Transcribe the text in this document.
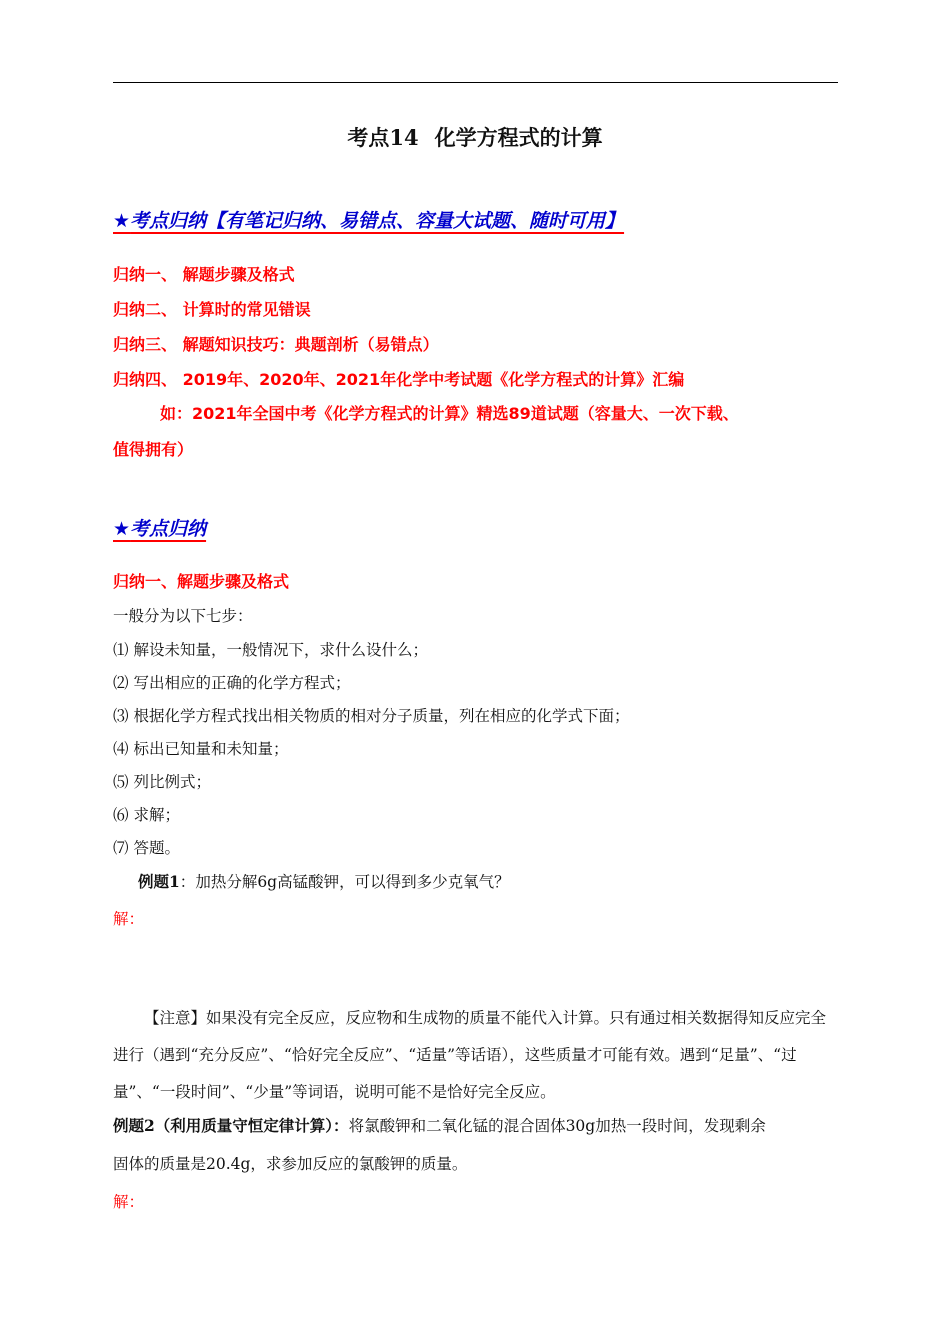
考点14 化学方程式的计算
★考点归纳【有笔记归纳、易错点、容量大试题、随时可用】
归纳一、 解题步骤及格式
归纳二、 计算时的常见错误
归纳三、 解题知识技巧：典题剖析（易错点）
归纳四、 2019年、2020年、2021年化学中考试题《化学方程式的计算》汇编
如：2021年全国中考《化学方程式的计算》精选89道试题（容量大、一次下载、
值得拥有）
★考点归纳
归纳一、解题步骤及格式
一般分为以下七步：
⑴ 解设未知量，一般情况下，求什么设什么；
⑵ 写出相应的正确的化学方程式；
⑶ 根据化学方程式找出相关物质的相对分子质量，列在相应的化学式下面；
⑷ 标出已知量和未知量；
⑸ 列比例式；
⑹ 求解；
⑺ 答题。
例题1：加热分解6g高锰酸钾，可以得到多少克氧气？
解：
【注意】如果没有完全反应，反应物和生成物的质量不能代入计算。只有通过相关数据得知反应完全进行（遇到“充分反应”、“恰好完全反应”、“适量”等话语），这些质量才可能有效。遇到“足量”、“过量”、“一段时间”、“少量”等词语，说明可能不是恰好完全反应。
例题2（利用质量守恒定律计算）：将氯酸钾和二氧化锰的混合固体30g加热一段时间，发现剩余
固体的质量是20.4g，求参加反应的氯酸钾的质量。
解：
